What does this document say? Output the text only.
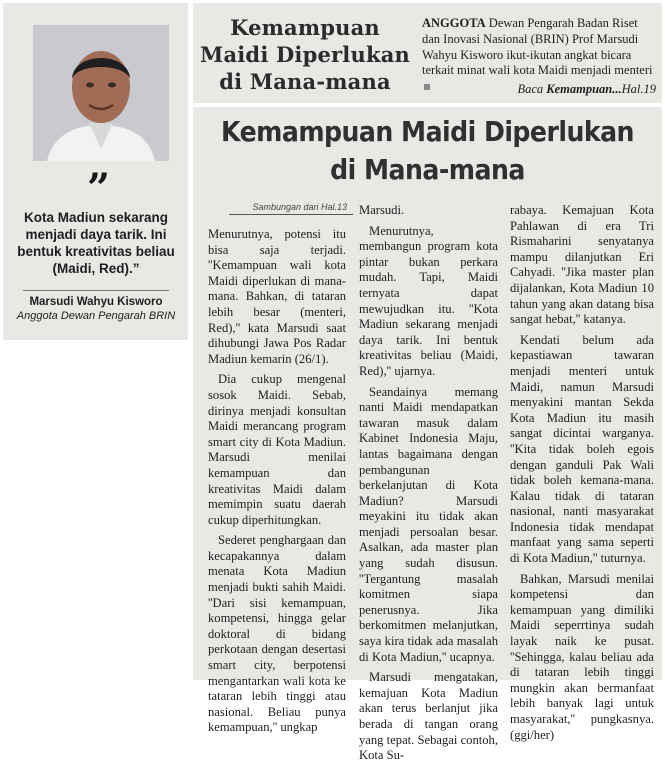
”
Kota Madiun sekarang menjadi daya tarik. Ini bentuk kreativitas beliau (Maidi, Red).”
Marsudi Wahyu Kisworo
Anggota Dewan Pengarah BRIN
Kemampuan Maidi Diperlukan di Mana-mana
ANGGOTA Dewan Pengarah Badan Riset dan Inovasi Nasional (BRIN) Prof Marsudi Wahyu Kisworo ikut-ikutan angkat bicara terkait minat wali kota Maidi menjadi menteri
Baca Kemampuan...Hal.19
Kemampuan Maidi Diperlukan di Mana-mana
Sambungan dari Hal.13

Menurutnya, potensi itu bisa saja terjadi. ''Kemampuan wali kota Maidi diperlukan di mana-mana. Bahkan, di tataran lebih besar (menteri, Red),'' kata Marsudi saat dihubungi Jawa Pos Radar Madiun kemarin (26/1).

Dia cukup mengenal sosok Maidi. Sebab, dirinya menjadi konsultan Maidi merancang program smart city di Kota Madiun. Marsudi menilai kemampuan dan kreativitas Maidi dalam memimpin suatu daerah cukup diperhitungkan.

Sederet penghargaan dan kecapakannya dalam menata Kota Madiun menjadi bukti sahih Maidi. ''Dari sisi kemampuan, kompetensi, hingga gelar doktoral di bidang perkotaan dengan desertasi smart city, berpotensi mengantarkan wali kota ke tataran lebih tinggi atau nasional. Beliau punya kemampuan,'' ungkap

Marsudi.

Menurutnya, membangun program kota pintar bukan perkara mudah. Tapi, Maidi ternyata dapat mewujudkan itu. ''Kota Madiun sekarang menjadi daya tarik. Ini bentuk kreativitas beliau (Maidi, Red),'' ujarnya.

Seandainya memang nanti Maidi mendapatkan tawaran masuk dalam Kabinet Indonesia Maju, lantas bagaimana dengan pembangunan berkelanjutan di Kota Madiun? Marsudi meyakini itu tidak akan menjadi persoalan besar. Asalkan, ada master plan yang sudah disusun. ''Tergantung masalah komitmen siapa penerusnya. Jika berkomitmen melanjutkan, saya kira tidak ada masalah di Kota Madiun,'' ucapnya.

Marsudi mengatakan, kemajuan Kota Madiun akan terus berlanjut jika berada di tangan orang yang tepat. Sebagai contoh, Kota Su-

rabaya. Kemajuan Kota Pahlawan di era Tri Rismaharini senyatanya mampu dilanjutkan Eri Cahyadi. ''Jika master plan dijalankan, Kota Madiun 10 tahun yang akan datang bisa sangat hebat,'' katanya.

Kendati belum ada kepastiawan tawaran menjadi menteri untuk Maidi, namun Marsudi menyakini mantan Sekda Kota Madiun itu masih sangat dicintai warganya. ''Kita tidak boleh egois dengan ganduli Pak Wali tidak boleh kemana-mana. Kalau tidak di tataran nasional, nanti masyarakat Indonesia tidak mendapat manfaat yang sama seperti di Kota Madiun,'' tuturnya.

Bahkan, Marsudi menilai kompetensi dan kemampuan yang dimiliki Maidi seperrtinya sudah layak naik ke pusat. ''Sehingga, kalau beliau ada di tataran lebih tinggi mungkin akan bermanfaat lebih banyak lagi untuk masyarakat,'' pungkasnya. (ggi/her)
